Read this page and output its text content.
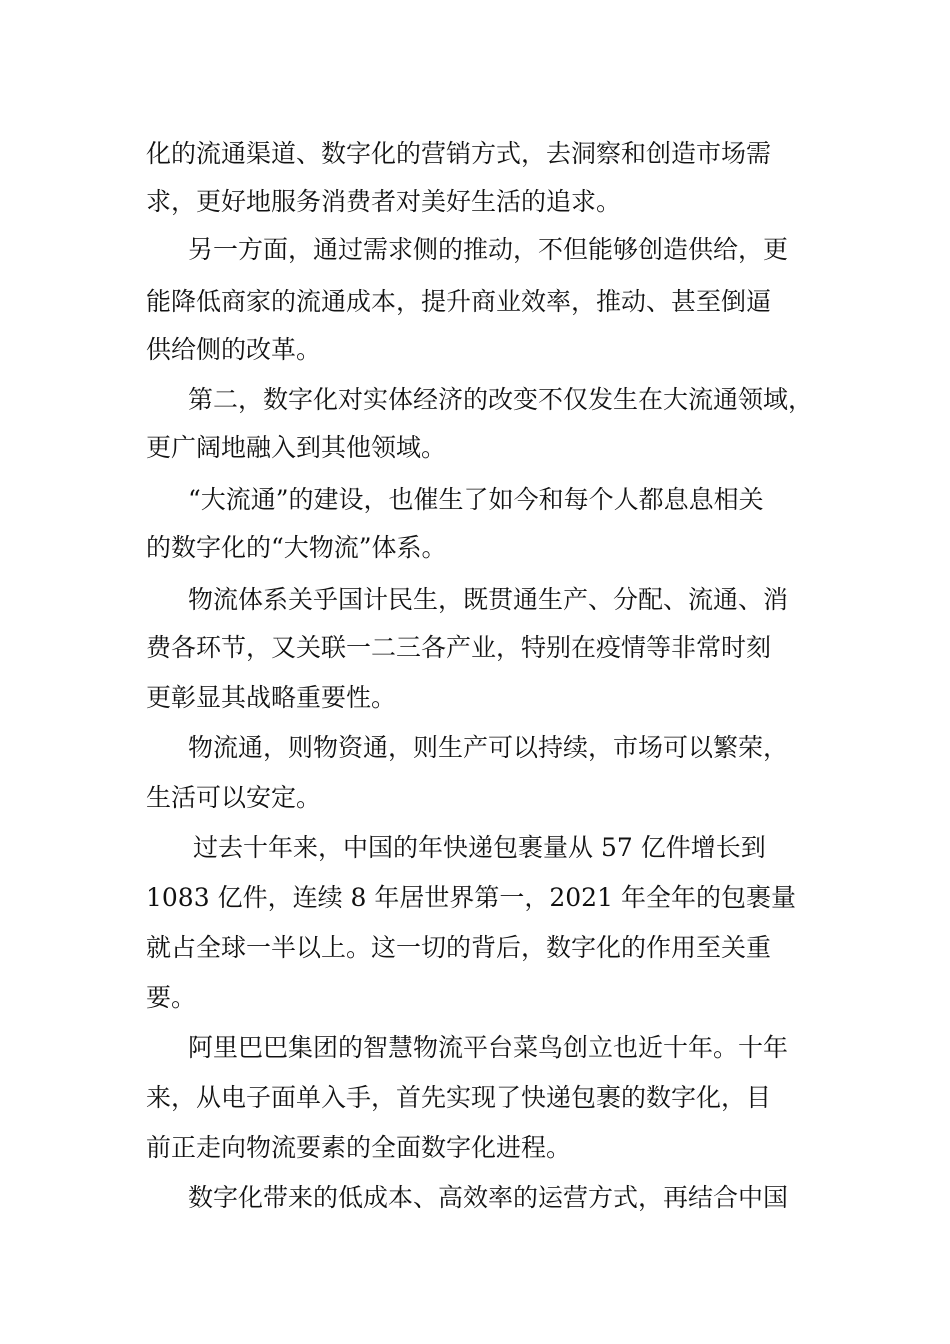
化的流通渠道、数字化的营销方式，去洞察和创造市场需

求，更好地服务消费者对美好生活的追求。

另一方面，通过需求侧的推动，不但能够创造供给，更

能降低商家的流通成本，提升商业效率，推动、甚至倒逼

供给侧的改革。

第二，数字化对实体经济的改变不仅发生在大流通领域，

更广阔地融入到其他领域。

“大流通”的建设，也催生了如今和每个人都息息相关

的数字化的“大物流”体系。

物流体系关乎国计民生，既贯通生产、分配、流通、消

费各环节，又关联一二三各产业，特别在疫情等非常时刻

更彰显其战略重要性。

物流通，则物资通，则生产可以持续，市场可以繁荣，

生活可以安定。

过去十年来，中国的年快递包裹量从 57 亿件增长到

1083 亿件，连续 8 年居世界第一，2021 年全年的包裹量

就占全球一半以上。这一切的背后，数字化的作用至关重

要。

阿里巴巴集团的智慧物流平台菜鸟创立也近十年。十年

来，从电子面单入手，首先实现了快递包裹的数字化，目

前正走向物流要素的全面数字化进程。

数字化带来的低成本、高效率的运营方式，再结合中国
